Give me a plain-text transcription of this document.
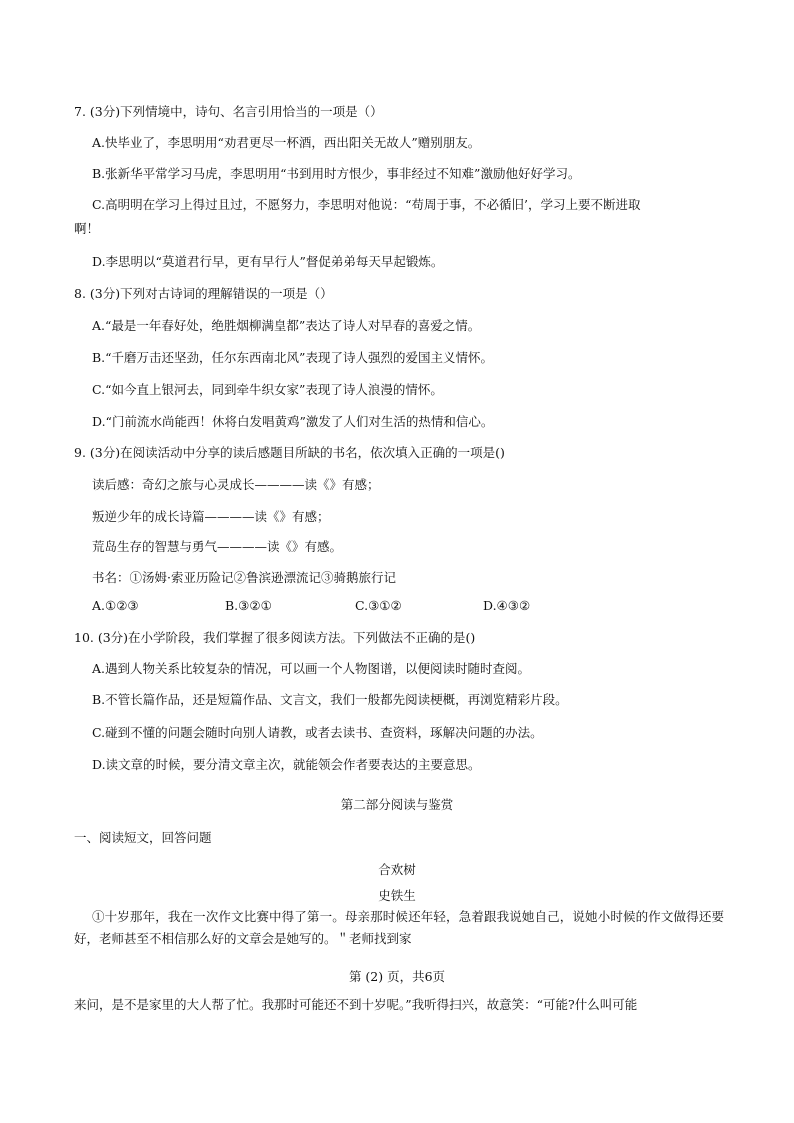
7. (3分)下列情境中，诗句、名言引用恰当的一项是（）
A.快毕业了，李思明用“劝君更尽一杯酒，西出阳关无故人”赠别朋友。
B.张新华平常学习马虎，李思明用“书到用时方恨少，事非经过不知难”激励他好好学习。
C.高明明在学习上得过且过，不愿努力，李思明对他说：“苟周于事，不必循旧’，学习上要不断进取
啊！
D.李思明以“莫道君行早，更有早行人”督促弟弟每天早起锻炼。
8. (3分)下列对古诗词的理解错误的一项是（）
A.“最是一年春好处，绝胜烟柳满皇都”表达了诗人对早春的喜爱之情。
B.“千磨万击还坚劲，任尔东西南北风”表现了诗人强烈的爱国主义情怀。
C.“如今直上银河去，同到牵牛织女家”表现了诗人浪漫的情怀。
D.“门前流水尚能西！休将白发唱黄鸡”激发了人们对生活的热情和信心。
9. (3分)在阅读活动中分享的读后感题目所缺的书名，依次填入正确的一项是()
读后感：奇幻之旅与心灵成长————读《》有感；
叛逆少年的成长诗篇————读《》有感；
荒岛生存的智慧与勇气————读《》有感。
书名：①汤姆·索亚历险记②鲁滨逊漂流记③骑鹅旅行记
A.①②③	B.③②①	C.③①②	D.④③②
10. (3分)在小学阶段，我们掌握了很多阅读方法。下列做法不正确的是()
A.遇到人物关系比较复杂的情况，可以画一个人物图谱，以便阅读时随时查阅。
B.不管长篇作品，还是短篇作品、文言文，我们一般都先阅读梗概，再浏览精彩片段。
C.碰到不懂的问题会随时向别人请教，或者去读书、查资料，琢解决问题的办法。
D.读文章的时候，要分清文章主次，就能领会作者要表达的主要意思。
第二部分阅读与鉴赏
一、阅读短文，回答问题
合欢树
史铁生
①十岁那年，我在一次作文比赛中得了第一。母亲那时候还年轻，急着跟我说她自己，说她小时候的作文做得还要好，老师甚至不相信那么好的文章会是她写的。＂老师找到家
第 (2) 页，共6页
来问，是不是家里的大人帮了忙。我那时可能还不到十岁呢。”我听得扫兴，故意笑：“可能?什么叫可能
